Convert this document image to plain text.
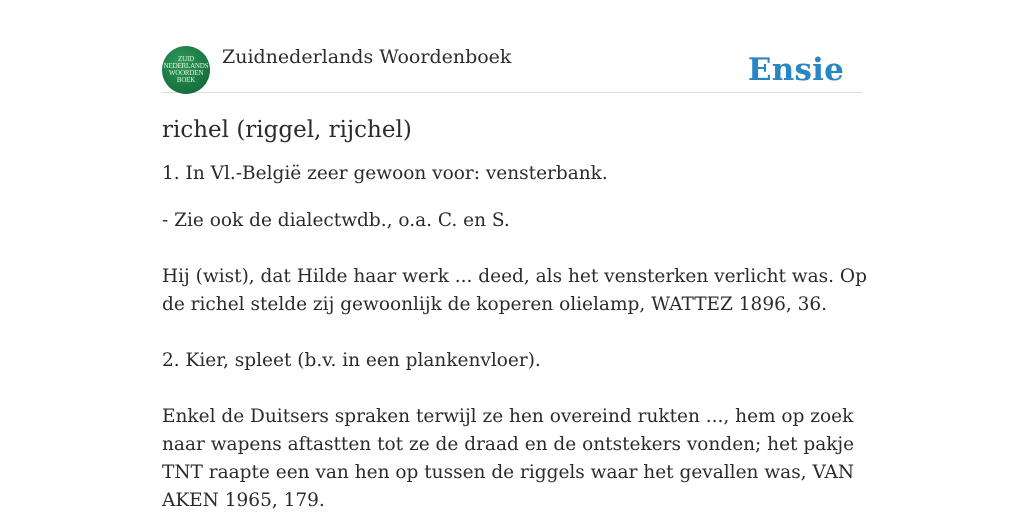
ZUID
NEDERLANDS
WOORDEN
BOEK
Zuidnederlands Woordenboek	Ensie
richel (riggel, rijchel)

1. In Vl.-België zeer gewoon voor: vensterbank.

- Zie ook de dialectwdb., o.a. C. en S.

Hij (wist), dat Hilde haar werk ... deed, als het vensterken verlicht was. Op de richel stelde zij gewoonlijk de koperen olielamp, WATTEZ 1896, 36.

2. Kier, spleet (b.v. in een plankenvloer).

Enkel de Duitsers spraken terwijl ze hen overeind rukten ..., hem op zoek naar wapens aftastten tot ze de draad en de ontstekers vonden; het pakje TNT raapte een van hen op tussen de riggels waar het gevallen was, VAN AKEN 1965, 179.
